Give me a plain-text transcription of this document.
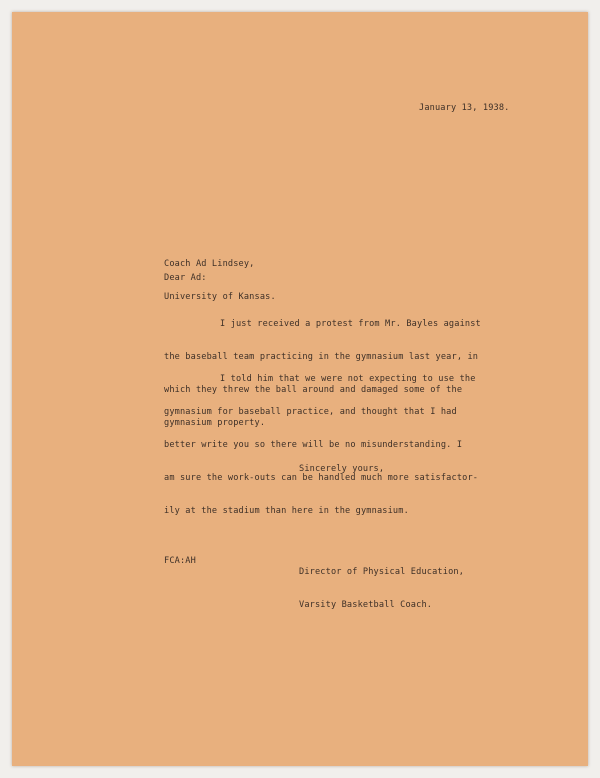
January 13, 1938.

Coach Ad Lindsey,

University of Kansas.

Dear Ad:

I just received a protest from Mr. Bayles against

the baseball team practicing in the gymnasium last year, in

which they threw the ball around and damaged some of the

gymnasium property.

I told him that we were not expecting to use the

gymnasium for baseball practice, and thought that I had

better write you so there will be no misunderstanding. I

am sure the work-outs can be handled much more satisfactor-

ily at the stadium than here in the gymnasium.

Sincerely yours,

Director of Physical Education,

Varsity Basketball Coach.

FCA:AH
